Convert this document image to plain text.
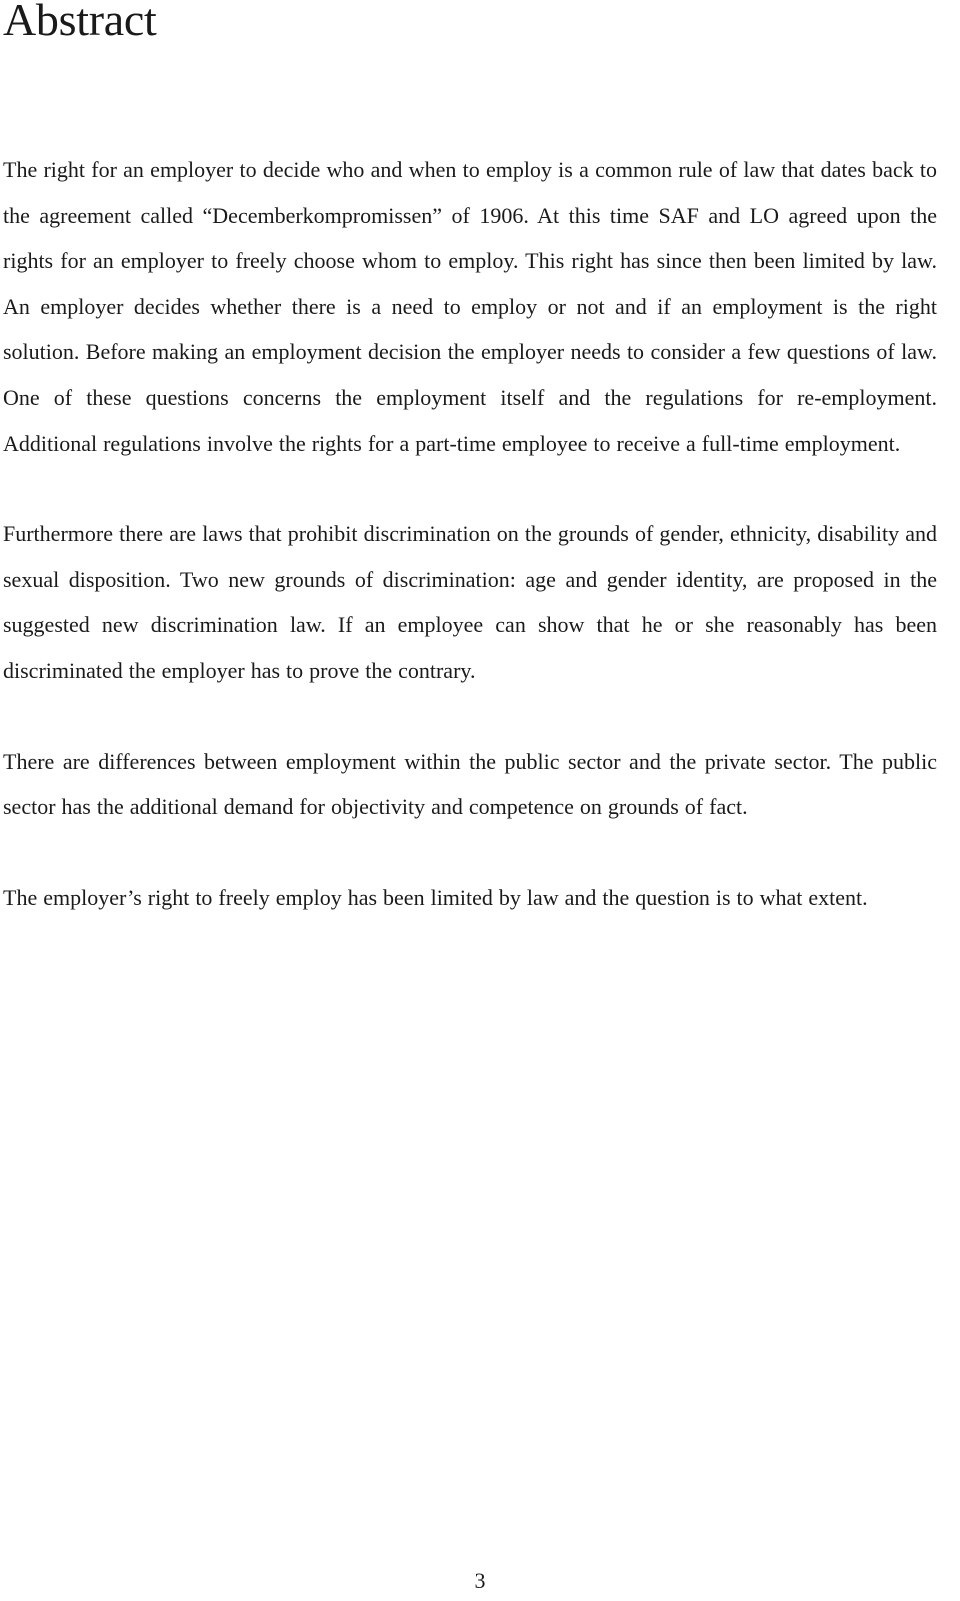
Abstract

The right for an employer to decide who and when to employ is a common rule of law that dates back to the agreement called “Decemberkompromissen” of 1906. At this time SAF and LO agreed upon the rights for an employer to freely choose whom to employ. This right has since then been limited by law. An employer decides whether there is a need to employ or not and if an employment is the right solution. Before making an employment decision the employer needs to consider a few questions of law. One of these questions concerns the employment itself and the regulations for re-employment. Additional regulations involve the rights for a part-time employee to receive a full-time employment.

Furthermore there are laws that prohibit discrimination on the grounds of gender, ethnicity, disability and sexual disposition. Two new grounds of discrimination: age and gender identity, are proposed in the suggested new discrimination law. If an employee can show that he or she reasonably has been discriminated the employer has to prove the contrary.

There are differences between employment within the public sector and the private sector. The public sector has the additional demand for objectivity and competence on grounds of fact.

The employer’s right to freely employ has been limited by law and the question is to what extent.

3
